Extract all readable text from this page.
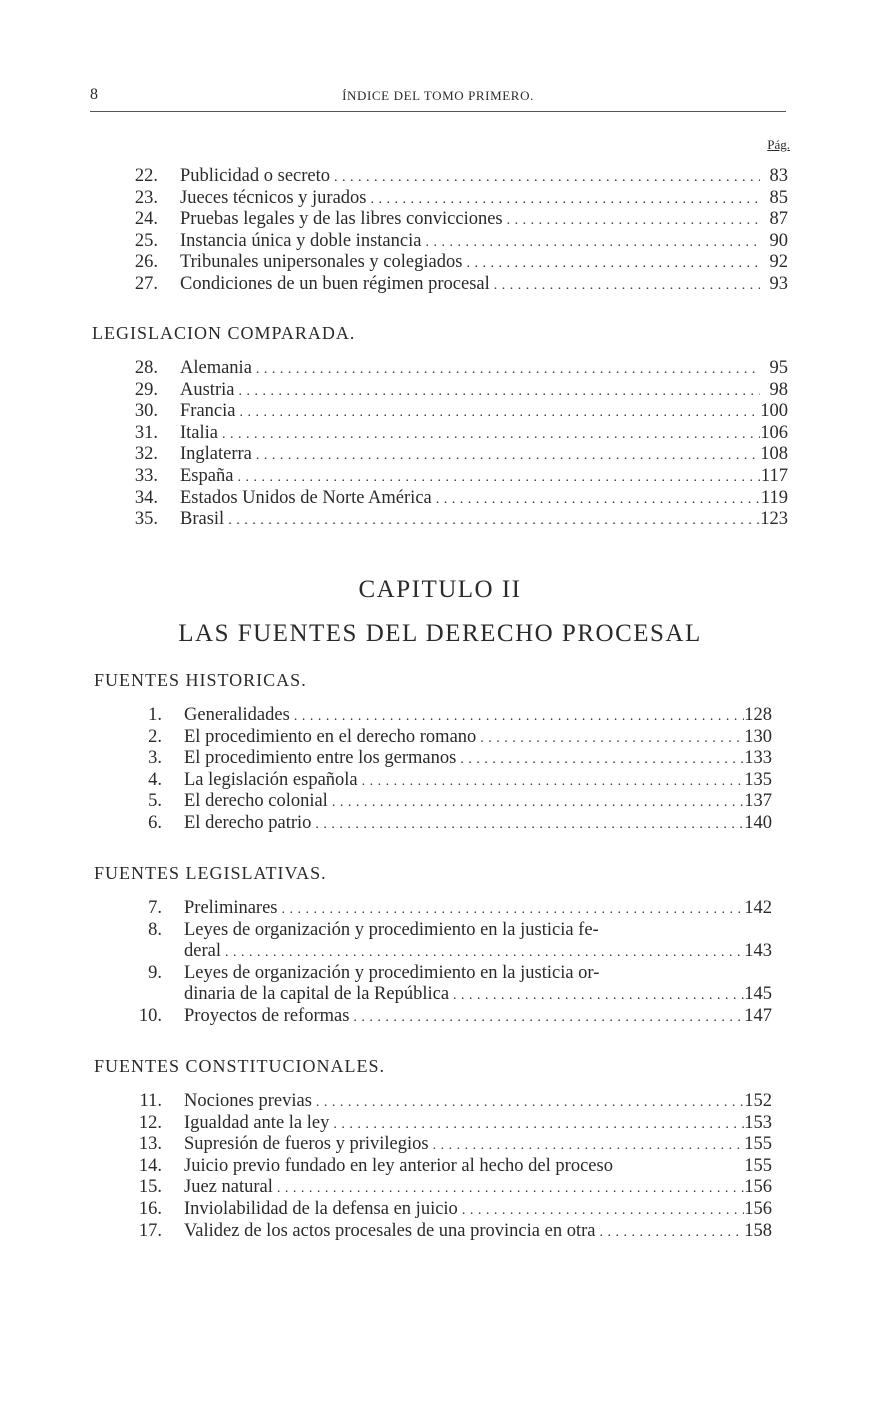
8	ÍNDICE DEL TOMO PRIMERO.
Pág.
22. Publicidad o secreto . . .	83
23. Jueces técnicos y jurados . . .	85
24. Pruebas legales y de las libres convicciones . . .	87
25. Instancia única y doble instancia . . .	90
26. Tribunales unipersonales y colegiados . . .	92
27. Condiciones de un buen régimen procesal . . .	93
LEGISLACION COMPARADA.
28. Alemania . . .	95
29. Austria . . .	98
30. Francia . . .	100
31. Italia . . .	106
32. Inglaterra . . .	108
33. España . . .	117
34. Estados Unidos de Norte América . . .	119
35. Brasil . . .	123
CAPITULO II
LAS FUENTES DEL DERECHO PROCESAL
FUENTES HISTORICAS.
1. Generalidades . . .	128
2. El procedimiento en el derecho romano . . .	130
3. El procedimiento entre los germanos . . .	133
4. La legislación española . . .	135
5. El derecho colonial . . .	137
6. El derecho patrio . . .	140
FUENTES LEGISLATIVAS.
7. Preliminares . . .	142
8. Leyes de organización y procedimiento en la justicia fe-
deral . . .	143
9. Leyes de organización y procedimiento en la justicia or-
dinaria de la capital de la República . . .	145
10. Proyectos de reformas . . .	147
FUENTES CONSTITUCIONALES.
11. Nociones previas . . .	152
12. Igualdad ante la ley . . .	153
13. Supresión de fueros y privilegios . . .	155
14. Juicio previo fundado en ley anterior al hecho del proceso	155
15. Juez natural . . .	156
16. Inviolabilidad de la defensa en juicio . . .	156
17. Validez de los actos procesales de una provincia en otra . . .	158
